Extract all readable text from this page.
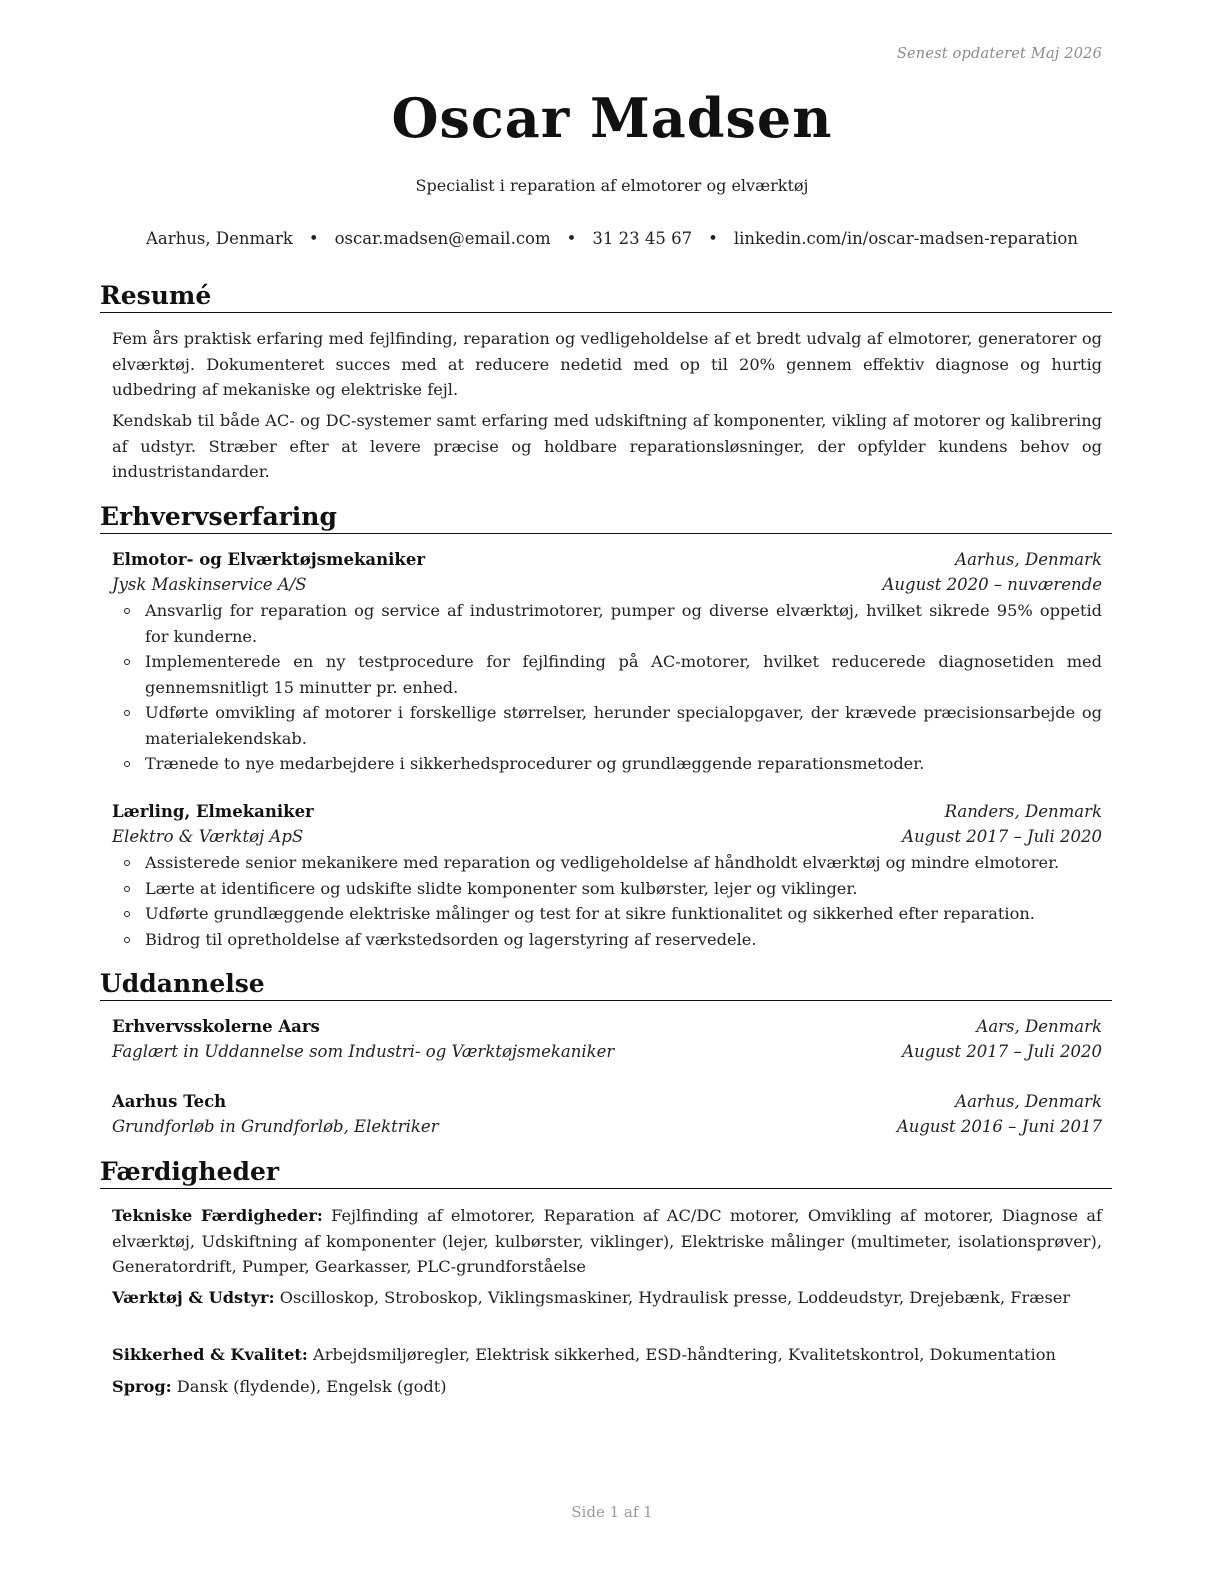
Senest opdateret Maj 2026
Oscar Madsen
Specialist i reparation af elmotorer og elværktøj
Aarhus, Denmark • oscar.madsen@email.com • 31 23 45 67 • linkedin.com/in/oscar-madsen-reparation
Resumé
Fem års praktisk erfaring med fejlfinding, reparation og vedligeholdelse af et bredt udvalg af elmotorer, generatorer og elværktøj. Dokumenteret succes med at reducere nedetid med op til 20% gennem effektiv diagnose og hurtig udbedring af mekaniske og elektriske fejl.
Kendskab til både AC- og DC-systemer samt erfaring med udskiftning af komponenter, vikling af motorer og kalibrering af udstyr. Stræber efter at levere præcise og holdbare reparationsløsninger, der opfylder kundens behov og industristandarder.
Erhvervserfaring
Elmotor- og Elværktøjsmekaniker	Aarhus, Denmark
Jysk Maskinservice A/S	August 2020 – nuværende
Ansvarlig for reparation og service af industrimotorer, pumper og diverse elværktøj, hvilket sikrede 95% oppetid for kunderne.
Implementerede en ny testprocedure for fejlfinding på AC-motorer, hvilket reducerede diagnosetiden med gennemsnitligt 15 minutter pr. enhed.
Udførte omvikling af motorer i forskellige størrelser, herunder specialopgaver, der krævede præcisionsarbejde og materialekendskab.
Trænede to nye medarbejdere i sikkerhedsprocedurer og grundlæggende reparationsmetoder.
Lærling, Elmekaniker	Randers, Denmark
Elektro & Værktøj ApS	August 2017 – Juli 2020
Assisterede senior mekanikere med reparation og vedligeholdelse af håndholdt elværktøj og mindre elmotorer.
Lærte at identificere og udskifte slidte komponenter som kulbørster, lejer og viklinger.
Udførte grundlæggende elektriske målinger og test for at sikre funktionalitet og sikkerhed efter reparation.
Bidrog til opretholdelse af værkstedsorden og lagerstyring af reservedele.
Uddannelse
Erhvervsskolerne Aars	Aars, Denmark
Faglært in Uddannelse som Industri- og Værktøjsmekaniker	August 2017 – Juli 2020
Aarhus Tech	Aarhus, Denmark
Grundforløb in Grundforløb, Elektriker	August 2016 – Juni 2017
Færdigheder
Tekniske Færdigheder: Fejlfinding af elmotorer, Reparation af AC/DC motorer, Omvikling af motorer, Diagnose af elværktøj, Udskiftning af komponenter (lejer, kulbørster, viklinger), Elektriske målinger (multimeter, isolationsprøver), Generatordrift, Pumper, Gearkasser, PLC-grundforståelse
Værktøj & Udstyr: Oscilloskop, Stroboskop, Viklingsmaskiner, Hydraulisk presse, Loddeudstyr, Drejebænk, Fræser
Sikkerhed & Kvalitet: Arbejdsmiljøregler, Elektrisk sikkerhed, ESD-håndtering, Kvalitetskontrol, Dokumentation
Sprog: Dansk (flydende), Engelsk (godt)
Side 1 af 1
